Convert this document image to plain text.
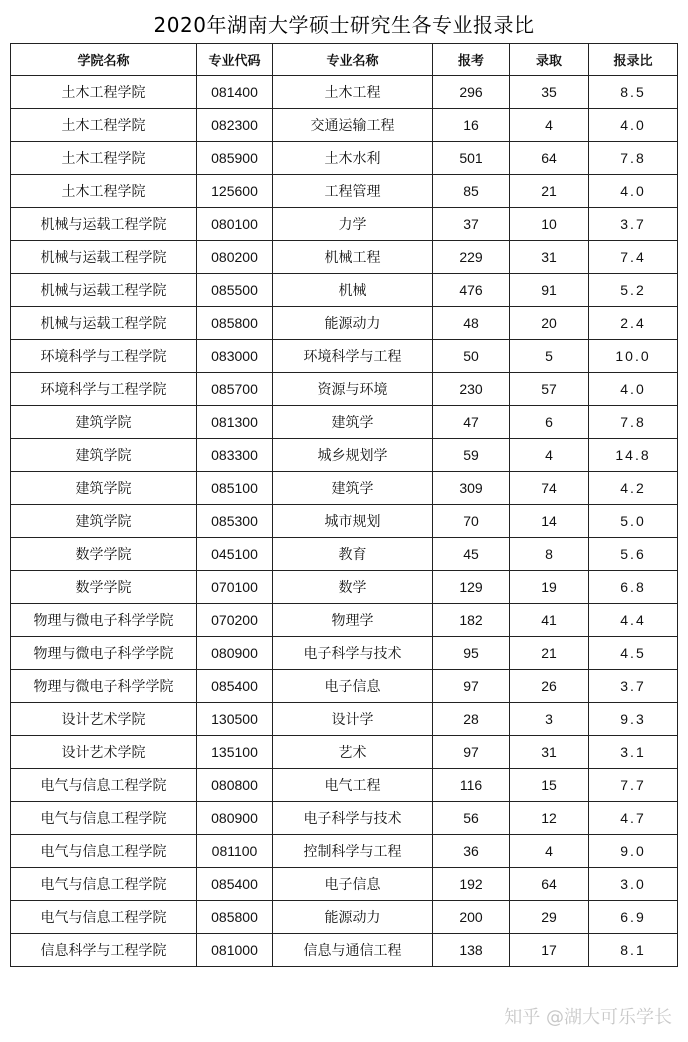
2020年湖南大学硕士研究生各专业报录比
学院名称	专业代码	专业名称	报考	录取	报录比
土木工程学院	081400	土木工程	296	35	8.5
土木工程学院	082300	交通运输工程	16	4	4.0
土木工程学院	085900	土木水利	501	64	7.8
土木工程学院	125600	工程管理	85	21	4.0
机械与运载工程学院	080100	力学	37	10	3.7
机械与运载工程学院	080200	机械工程	229	31	7.4
机械与运载工程学院	085500	机械	476	91	5.2
机械与运载工程学院	085800	能源动力	48	20	2.4
环境科学与工程学院	083000	环境科学与工程	50	5	10.0
环境科学与工程学院	085700	资源与环境	230	57	4.0
建筑学院	081300	建筑学	47	6	7.8
建筑学院	083300	城乡规划学	59	4	14.8
建筑学院	085100	建筑学	309	74	4.2
建筑学院	085300	城市规划	70	14	5.0
数学学院	045100	教育	45	8	5.6
数学学院	070100	数学	129	19	6.8
物理与微电子科学学院	070200	物理学	182	41	4.4
物理与微电子科学学院	080900	电子科学与技术	95	21	4.5
物理与微电子科学学院	085400	电子信息	97	26	3.7
设计艺术学院	130500	设计学	28	3	9.3
设计艺术学院	135100	艺术	97	31	3.1
电气与信息工程学院	080800	电气工程	116	15	7.7
电气与信息工程学院	080900	电子科学与技术	56	12	4.7
电气与信息工程学院	081100	控制科学与工程	36	4	9.0
电气与信息工程学院	085400	电子信息	192	64	3.0
电气与信息工程学院	085800	能源动力	200	29	6.9
信息科学与工程学院	081000	信息与通信工程	138	17	8.1
知乎 @湖大可乐学长
